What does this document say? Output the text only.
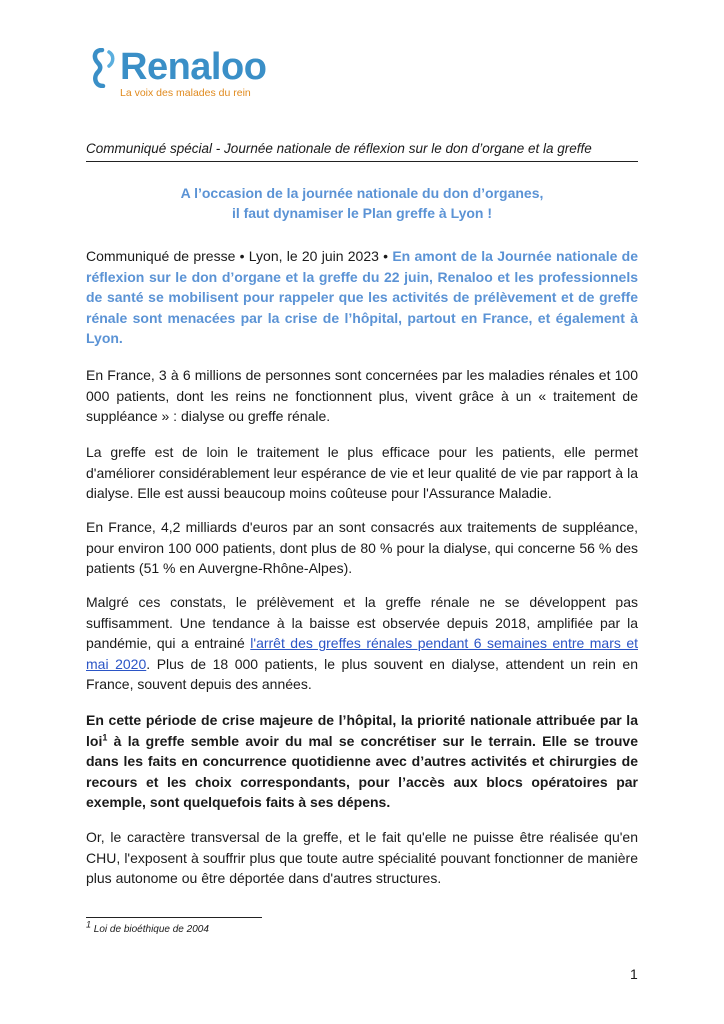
Renaloo
La voix des malades du rein
Communiqué spécial - Journée nationale de réflexion sur le don d’organe et la greffe
A l’occasion de la journée nationale du don d’organes,
il faut dynamiser le Plan greffe à Lyon !
Communiqué de presse • Lyon, le 20 juin 2023 • En amont de la Journée nationale de réflexion sur le don d’organe et la greffe du 22 juin, Renaloo et les professionnels de santé se mobilisent pour rappeler que les activités de prélèvement et de greffe rénale sont menacées par la crise de l’hôpital, partout en France, et également à Lyon.
En France, 3 à 6 millions de personnes sont concernées par les maladies rénales et 100 000 patients, dont les reins ne fonctionnent plus, vivent grâce à un « traitement de suppléance » : dialyse ou greffe rénale.
La greffe est de loin le traitement le plus efficace pour les patients, elle permet d'améliorer considérablement leur espérance de vie et leur qualité de vie par rapport à la dialyse. Elle est aussi beaucoup moins coûteuse pour l'Assurance Maladie.
En France, 4,2 milliards d'euros par an sont consacrés aux traitements de suppléance, pour environ 100 000 patients, dont plus de 80 % pour la dialyse, qui concerne 56 % des patients (51 % en Auvergne-Rhône-Alpes).
Malgré ces constats, le prélèvement et la greffe rénale ne se développent pas suffisamment. Une tendance à la baisse est observée depuis 2018, amplifiée par la pandémie, qui a entrainé l'arrêt des greffes rénales pendant 6 semaines entre mars et mai 2020. Plus de 18 000 patients, le plus souvent en dialyse, attendent un rein en France, souvent depuis des années.
En cette période de crise majeure de l’hôpital, la priorité nationale attribuée par la loi$^1$ à la greffe semble avoir du mal se concrétiser sur le terrain. Elle se trouve dans les faits en concurrence quotidienne avec d’autres activités et chirurgies de recours et les choix correspondants, pour l’accès aux blocs opératoires par exemple, sont quelquefois faits à ses dépens.
Or, le caractère transversal de la greffe, et le fait qu'elle ne puisse être réalisée qu'en CHU, l'exposent à souffrir plus que toute autre spécialité pouvant fonctionner de manière plus autonome ou être déportée dans d'autres structures.
$^1$ Loi de bioéthique de 2004
1
